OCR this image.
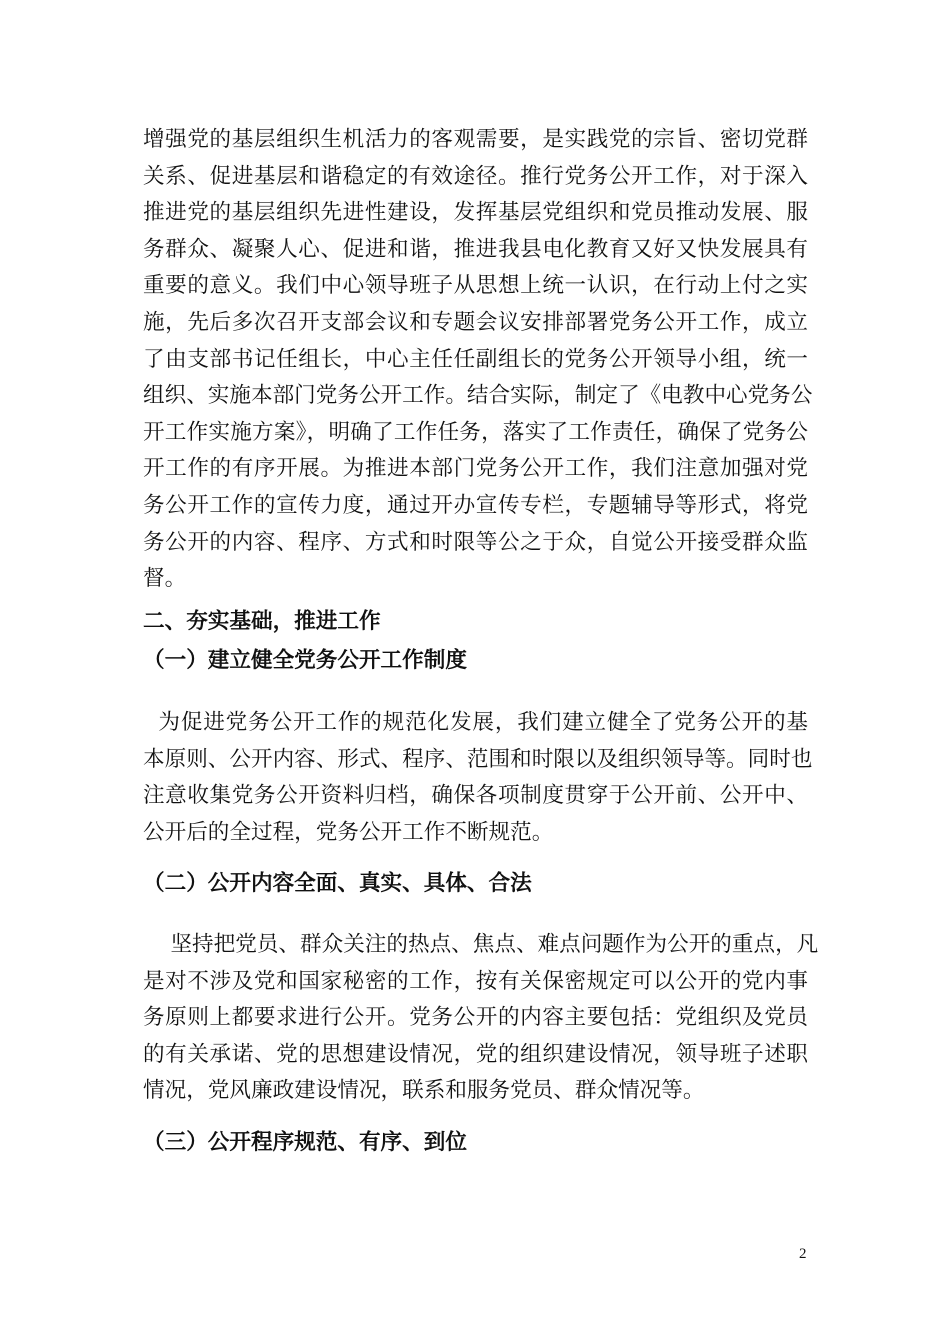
增强党的基层组织生机活力的客观需要，是实践党的宗旨、密切党群
关系、促进基层和谐稳定的有效途径。推行党务公开工作，对于深入
推进党的基层组织先进性建设，发挥基层党组织和党员推动发展、服
务群众、凝聚人心、促进和谐，推进我县电化教育又好又快发展具有
重要的意义。我们中心领导班子从思想上统一认识，在行动上付之实
施，先后多次召开支部会议和专题会议安排部署党务公开工作，成立
了由支部书记任组长，中心主任任副组长的党务公开领导小组，统一
组织、实施本部门党务公开工作。结合实际，制定了《电教中心党务公
开工作实施方案》，明确了工作任务，落实了工作责任，确保了党务公
开工作的有序开展。为推进本部门党务公开工作，我们注意加强对党
务公开工作的宣传力度，通过开办宣传专栏，专题辅导等形式，将党
务公开的内容、程序、方式和时限等公之于众，自觉公开接受群众监
督。
二、夯实基础，推进工作
（一）建立健全党务公开工作制度
为促进党务公开工作的规范化发展，我们建立健全了党务公开的基
本原则、公开内容、形式、程序、范围和时限以及组织领导等。同时也
注意收集党务公开资料归档，确保各项制度贯穿于公开前、公开中、
公开后的全过程，党务公开工作不断规范。
（二）公开内容全面、真实、具体、合法
坚持把党员、群众关注的热点、焦点、难点问题作为公开的重点，凡
是对不涉及党和国家秘密的工作，按有关保密规定可以公开的党内事
务原则上都要求进行公开。党务公开的内容主要包括：党组织及党员
的有关承诺、党的思想建设情况，党的组织建设情况，领导班子述职
情况，党风廉政建设情况，联系和服务党员、群众情况等。
（三）公开程序规范、有序、到位
2
